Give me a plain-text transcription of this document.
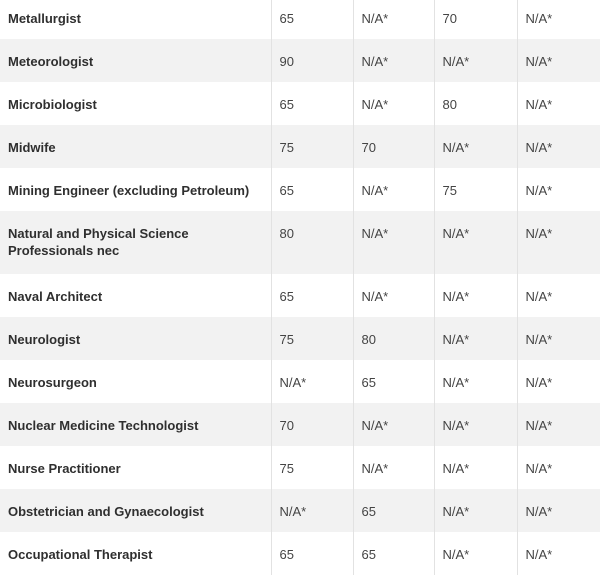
Metallurgist	65	N/A*	70	N/A*

Meteorologist	90	N/A*	N/A*	N/A*

Microbiologist	65	N/A*	80	N/A*

Midwife	75	70	N/A*	N/A*

Mining Engineer (excluding Petroleum)	65	N/A*	75	N/A*

Natural and Physical Science Professionals nec	80	N/A*	N/A*	N/A*

Naval Architect	65	N/A*	N/A*	N/A*

Neurologist	75	80	N/A*	N/A*

Neurosurgeon	N/A*	65	N/A*	N/A*

Nuclear Medicine Technologist	70	N/A*	N/A*	N/A*

Nurse Practitioner	75	N/A*	N/A*	N/A*

Obstetrician and Gynaecologist	N/A*	65	N/A*	N/A*

Occupational Therapist	65	65	N/A*	N/A*
